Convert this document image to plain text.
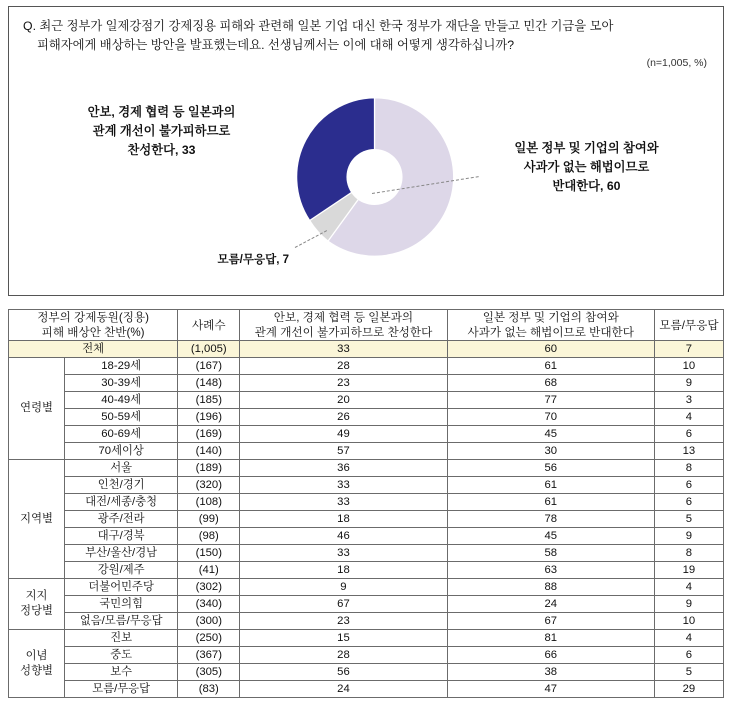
Q. 최근 정부가 일제강점기 강제징용 피해와 관련해 일본 기업 대신 한국 정부가 재단을 만들고 민간 기금을 모아
피해자에게 배상하는 방안을 발표했는데요. 선생님께서는 이에 대해 어떻게 생각하십니까?
(n=1,005, %)
안보, 경제 협력 등 일본과의
관계 개선이 불가피하므로
찬성한다, 33	일본 정부 및 기업의 참여와
사과가 없는 해법이므로
반대한다, 60
모름/무응답, 7
정부의 강제동원(징용)
피해 배상안 찬반(%)
	사례수	
안보, 경제 협력 등 일본과의
관계 개선이 불가피하므로 찬성한다

일본 정부 및 기업의 참여와
사과가 없는 해법이므로 반대한다
	모름/무응답
전체		(1,005)	33	60	7
연령별	18-29세	(167)	28	61	10
	30-39세	(148)	23	68	9
	40-49세	(185)	20	77	3
	50-59세	(196)	26	70	4
	60-69세	(169)	49	45	6
	70세이상	(140)	57	30	13
지역별	서울	(189)	36	56	8
	인천/경기	(320)	33	61	6
	대전/세종/충청	(108)	33	61	6
	광주/전라	(99)	18	78	5
	대구/경북	(98)	46	45	9
	부산/울산/경남	(150)	33	58	8
	강원/제주	(41)	18	63	19

지지
정당별	더불어민주당	(302)	9	88	4
	국민의힘	(340)	67	24	9
	없음/모름/무응답	(300)	23	67	10

이념
성향별	진보	(250)	15	81	4
	중도	(367)	28	66	6
	보수	(305)	56	38	5
	모름/무응답	(83)	24	47	29
